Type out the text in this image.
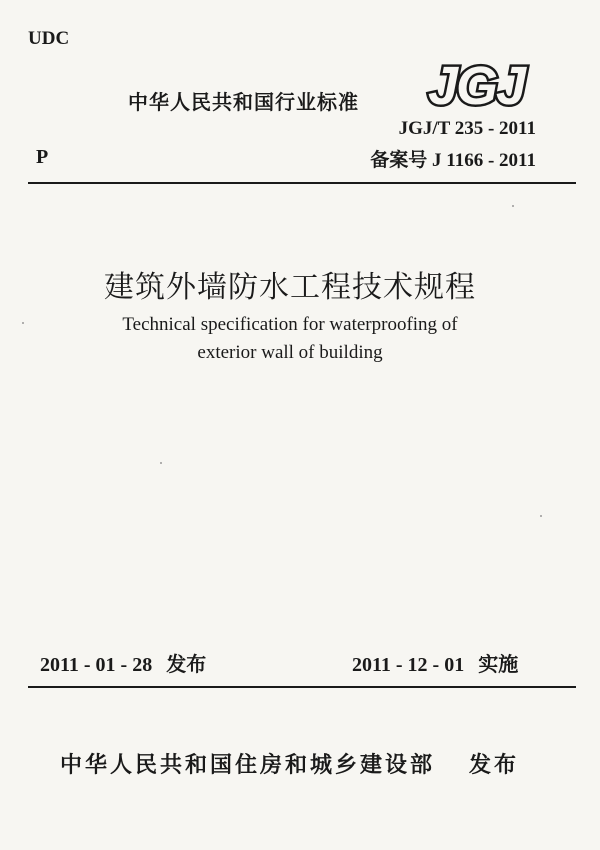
UDC
中华人民共和国行业标准 JGJ
JGJ/T 235 - 2011
备案号 J 1166 - 2011
P
建筑外墙防水工程技术规程
Technical specification for waterproofing of
exterior wall of building
2011 - 01 - 28 发布	2011 - 12 - 01 实施
中华人民共和国住房和城乡建设部 发布
